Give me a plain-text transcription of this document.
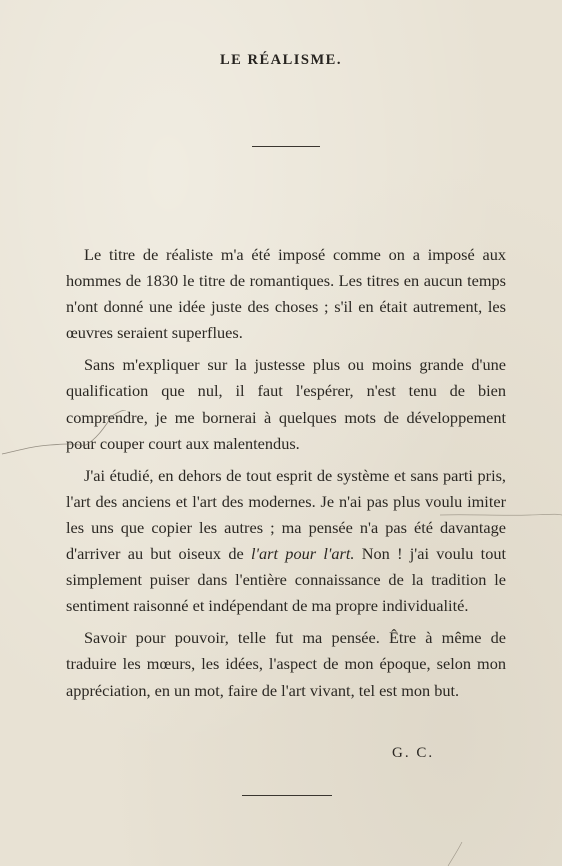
LE RÉALISME.

Le titre de réaliste m'a été imposé comme on a imposé aux hommes de 1830 le titre de romantiques. Les titres en aucun temps n'ont donné une idée juste des choses ; s'il en était autrement, les œuvres seraient superflues.

Sans m'expliquer sur la justesse plus ou moins grande d'une qualification que nul, il faut l'espérer, n'est tenu de bien comprendre, je me bornerai à quelques mots de développement pour couper court aux malentendus.

J'ai étudié, en dehors de tout esprit de système et sans parti pris, l'art des anciens et l'art des modernes. Je n'ai pas plus voulu imiter les uns que copier les autres ; ma pensée n'a pas été davantage d'arriver au but oiseux de l'art pour l'art. Non ! j'ai voulu tout simplement puiser dans l'entière connaissance de la tradition le sentiment raisonné et indépendant de ma propre individualité.

Savoir pour pouvoir, telle fut ma pensée. Être à même de traduire les mœurs, les idées, l'aspect de mon époque, selon mon appréciation, en un mot, faire de l'art vivant, tel est mon but.

G. C.
